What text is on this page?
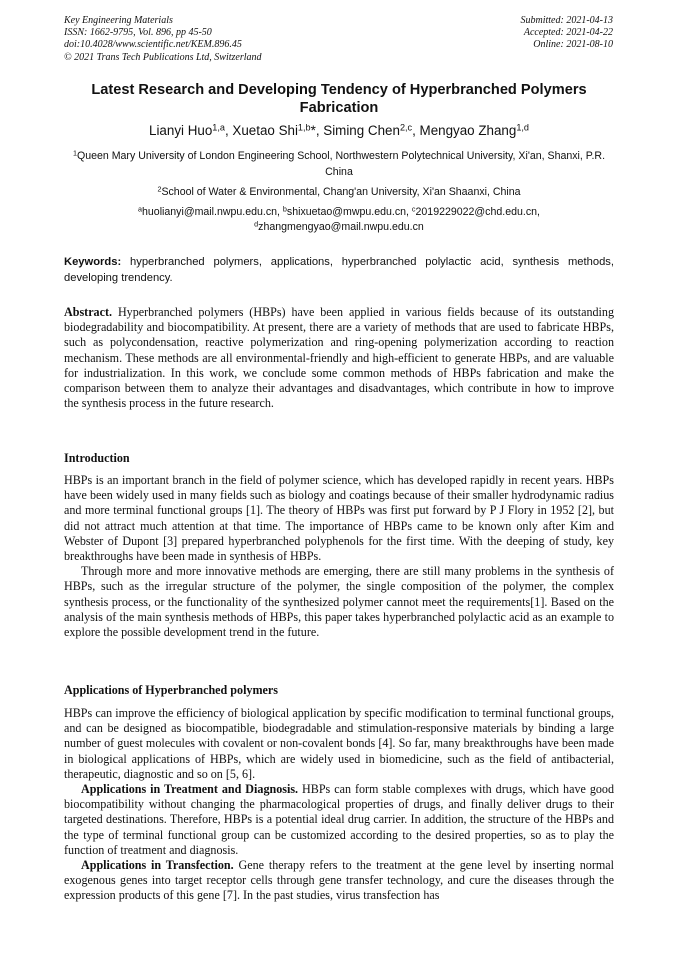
Key Engineering Materials
ISSN: 1662-9795, Vol. 896, pp 45-50
doi:10.4028/www.scientific.net/KEM.896.45
© 2021 Trans Tech Publications Ltd, Switzerland
Submitted: 2021-04-13
Accepted: 2021-04-22
Online: 2021-08-10
Latest Research and Developing Tendency of Hyperbranched Polymers Fabrication
Lianyi Huo$^{1,a}$, Xuetao Shi$^{1,b}$*, Siming Chen$^{2,c}$, Mengyao Zhang$^{1,d}$
$^1$Queen Mary University of London Engineering School, Northwestern Polytechnical University, Xi'an, Shanxi, P.R. China
$^2$School of Water & Environmental, Chang'an University, Xi'an Shaanxi, China
$^a$huolianyi@mail.nwpu.edu.cn, $^b$shixuetao@mwpu.edu.cn, $^c$2019229022@chd.edu.cn,
$^d$zhangmengyao@mail.nwpu.edu.cn
Keywords: hyperbranched polymers, applications, hyperbranched polylactic acid, synthesis methods, developing trendency.

Abstract. Hyperbranched polymers (HBPs) have been applied in various fields because of its outstanding biodegradability and biocompatibility. At present, there are a variety of methods that are used to fabricate HBPs, such as polycondensation, reactive polymerization and ring-opening polymerization according to reaction mechanism. These methods are all environmental-friendly and high-efficient to generate HBPs, and are valuable for industrialization. In this work, we conclude some common methods of HBPs fabrication and make the comparison between them to analyze their advantages and disadvantages, which contribute in how to improve the synthesis process in the future research.

Introduction

HBPs is an important branch in the field of polymer science, which has developed rapidly in recent years. HBPs have been widely used in many fields such as biology and coatings because of their smaller hydrodynamic radius and more terminal functional groups [1]. The theory of HBPs was first put forward by P J Flory in 1952 [2], but did not attract much attention at that time. The importance of HBPs came to be known only after Kim and Webster of Dupont [3] prepared hyperbranched polyphenols for the first time. With the deeping of study, key breakthroughs have been made in synthesis of HBPs.

Through more and more innovative methods are emerging, there are still many problems in the synthesis of HBPs, such as the irregular structure of the polymer, the single composition of the polymer, the complex synthesis process, or the functionality of the synthesized polymer cannot meet the requirements[1]. Based on the analysis of the main synthesis methods of HBPs, this paper takes hyperbranched polylactic acid as an example to explore the possible development trend in the future.

Applications of Hyperbranched polymers

HBPs can improve the efficiency of biological application by specific modification to terminal functional groups, and can be designed as biocompatible, biodegradable and stimulation-responsive materials by binding a large number of guest molecules with covalent or non-covalent bonds [4]. So far, many breakthroughs have been made in biological applications of HBPs, which are widely used in biomedicine, such as the field of antibacterial, therapeutic, diagnostic and so on [5, 6].

Applications in Treatment and Diagnosis. HBPs can form stable complexes with drugs, which have good biocompatibility without changing the pharmacological properties of drugs, and finally deliver drugs to their targeted destinations. Therefore, HBPs is a potential ideal drug carrier. In addition, the structure of the HBPs and the type of terminal functional group can be customized according to the desired properties, so as to play the function of treatment and diagnosis.

Applications in Transfection. Gene therapy refers to the treatment at the gene level by inserting normal exogenous genes into target receptor cells through gene transfer technology, and cure the diseases through the expression products of this gene [7]. In the past studies, virus transfection has
